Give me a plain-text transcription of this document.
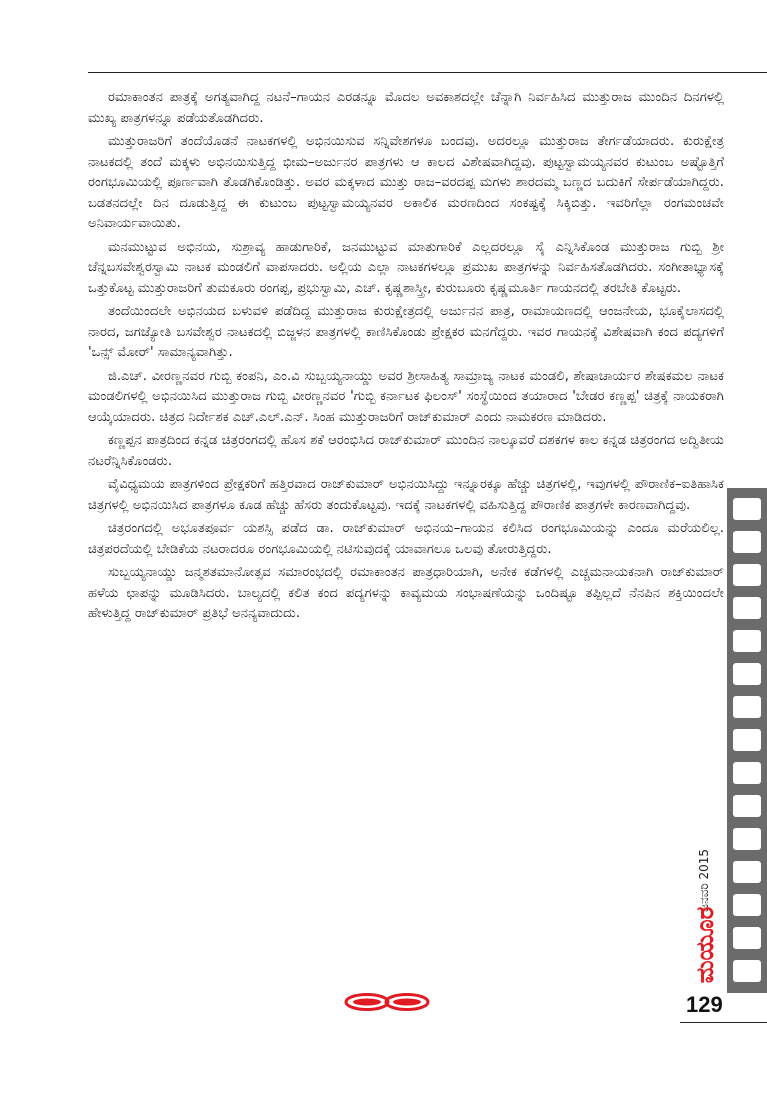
ರಮಾಕಾಂತನ ಪಾತ್ರಕ್ಕೆ ಅಗತ್ಯವಾಗಿದ್ದ ನಟನೆ–ಗಾಯನ ಎರಡನ್ನೂ ಮೊದಲ ಅವಕಾಶದಲ್ಲೇ ಚೆನ್ನಾಗಿ ನಿರ್ವಹಿಸಿದ ಮುತ್ತುರಾಜ ಮುಂದಿನ ದಿನಗಳಲ್ಲಿ ಮುಖ್ಯ ಪಾತ್ರಗಳನ್ನೂ ಪಡೆಯತೊಡಗಿದರು.

ಮುತ್ತುರಾಜರಿಗೆ ತಂದೆಯೊಡನೆ ನಾಟಕಗಳಲ್ಲಿ ಅಭಿನಯಿಸುವ ಸನ್ನಿವೇಶಗಳೂ ಬಂದವು. ಅದರಲ್ಲೂ ಮುತ್ತುರಾಜ ತೇರ್ಗಡೆಯಾದರು. ಕುರುಕ್ಷೇತ್ರ ನಾಟಕದಲ್ಲಿ ತಂದೆ ಮಕ್ಕಳು ಅಭಿನಯಿಸುತ್ತಿದ್ದ ಭೀಮ–ಅರ್ಜುನರ ಪಾತ್ರಗಳು ಆ ಕಾಲದ ವಿಶೇಷವಾಗಿದ್ದವು. ಪುಟ್ಟಸ್ವಾಮಯ್ಯನವರ ಕುಟುಂಬ ಅಷ್ಟೊತ್ತಿಗೆ ರಂಗಭೂಮಿಯಲ್ಲಿ ಪೂರ್ಣವಾಗಿ ತೊಡಗಿಕೊಂಡಿತ್ತು. ಅವರ ಮಕ್ಕಳಾದ ಮುತ್ತು ರಾಜ–ವರದಪ್ಪ ಮಗಳು ಶಾರದಮ್ಮ ಬಣ್ಣದ ಬದುಕಿಗೆ ಸೇರ್ಪಡೆಯಾಗಿದ್ದರು. ಬಡತನದಲ್ಲೇ ದಿನ ದೂಡುತ್ತಿದ್ದ ಈ ಕುಟುಂಬ ಪುಟ್ಟಸ್ವಾಮಯ್ಯನವರ ಅಕಾಲಿಕ ಮರಣದಿಂದ ಸಂಕಷ್ಟಕ್ಕೆ ಸಿಕ್ಕಿಬಿತ್ತು. ಇವರಿಗೆಲ್ಲಾ ರಂಗಮಂಚವೇ ಅನಿವಾರ್ಯವಾಯಿತು.

ಮನಮುಟ್ಟುವ ಅಭಿನಯ, ಸುಶ್ರಾವ್ಯ ಹಾಡುಗಾರಿಕೆ, ಜನಮುಟ್ಟುವ ಮಾತುಗಾರಿಕೆ ಎಲ್ಲದರಲ್ಲೂ ಸೈ ಎನ್ನಿಸಿಕೊಂಡ ಮುತ್ತುರಾಜ ಗುಬ್ಬಿ ಶ್ರೀ ಚೆನ್ನಬಸವೇಶ್ವರಸ್ವಾಮಿ ನಾಟಕ ಮಂಡಲಿಗೆ ವಾಪಸಾದರು. ಅಲ್ಲಿಯ ಎಲ್ಲಾ ನಾಟಕಗಳಲ್ಲೂ ಪ್ರಮುಖ ಪಾತ್ರಗಳನ್ನು ನಿರ್ವಹಿಸತೊಡಗಿದರು. ಸಂಗೀತಾಭ್ಯಾಸಕ್ಕೆ ಒತ್ತುಕೊಟ್ಟ ಮುತ್ತುರಾಜರಿಗೆ ತುಮಕೂರು ರಂಗಪ್ಪ, ಪ್ರಭುಸ್ವಾಮಿ, ಎಚ್. ಕೃಷ್ಣಶಾಸ್ತ್ರೀ, ಕುರುಬೂರು ಕೃಷ್ಣಮೂರ್ತಿ ಗಾಯನದಲ್ಲಿ ತರಬೇತಿ ಕೊಟ್ಟರು.

ತಂದೆಯಿಂದಲೇ ಅಭಿನಯದ ಬಳುವಳಿ ಪಡೆದಿದ್ದ ಮುತ್ತುರಾಜ ಕುರುಕ್ಷೇತ್ರದಲ್ಲಿ ಅರ್ಜುನನ ಪಾತ್ರ, ರಾಮಾಯಣದಲ್ಲಿ ಆಂಜನೇಯ, ಭೂಕೈಲಾಸದಲ್ಲಿ ನಾರದ, ಜಗಜ್ಯೋತಿ ಬಸವೇಶ್ವರ ನಾಟಕದಲ್ಲಿ ಬಿಜ್ಜಳನ ಪಾತ್ರಗಳಲ್ಲಿ ಕಾಣಿಸಿಕೊಂಡು ಪ್ರೇಕ್ಷಕರ ಮನಗೆದ್ದರು. ಇವರ ಗಾಯನಕ್ಕೆ ವಿಶೇಷವಾಗಿ ಕಂದ ಪದ್ಯಗಳಿಗೆ 'ಒನ್ಸ್ ಮೋರ್' ಸಾಮಾನ್ಯವಾಗಿತ್ತು.

ಜಿ.ಎಚ್. ವೀರಣ್ಣನವರ ಗುಬ್ಬಿ ಕಂಪನಿ, ಎಂ.ವಿ ಸುಬ್ಬಯ್ಯನಾಯ್ಡು ಅವರ ಶ್ರೀಸಾಹಿತ್ಯ ಸಾಮ್ರಾಜ್ಯ ನಾಟಕ ಮಂಡಲಿ, ಶೇಷಾಚಾರ್ಯರ ಶೇಷಕಮಲ ನಾಟಕ ಮಂಡಲಿಗಳಲ್ಲಿ ಅಭಿನಯಿಸಿದ ಮುತ್ತುರಾಜ ಗುಬ್ಬಿ ವೀರಣ್ಣನವರ 'ಗುಬ್ಬಿ ಕರ್ನಾಟಕ ಫಿಲಂಸ್' ಸಂಸ್ಥೆಯಿಂದ ತಯಾರಾದ 'ಬೇಡರ ಕಣ್ಣಪ್ಪ' ಚಿತ್ರಕ್ಕೆ ನಾಯಕರಾಗಿ ಆಯ್ಕೆಯಾದರು. ಚಿತ್ರದ ನಿರ್ದೇಶಕ ಎಚ್.ಎಲ್.ಎನ್. ಸಿಂಹ ಮುತ್ತುರಾಜರಿಗೆ ರಾಜ್‌ಕುಮಾರ್ ಎಂದು ನಾಮಕರಣ ಮಾಡಿದರು.

ಕಣ್ಣಪ್ಪನ ಪಾತ್ರದಿಂದ ಕನ್ನಡ ಚಿತ್ರರಂಗದಲ್ಲಿ ಹೊಸ ಶಕೆ ಆರಂಭಿಸಿದ ರಾಜ್‌ಕುಮಾರ್ ಮುಂದಿನ ನಾಲ್ಕೂವರೆ ದಶಕಗಳ ಕಾಲ ಕನ್ನಡ ಚಿತ್ರರಂಗದ ಅದ್ವಿತೀಯ ನಟರೆನ್ನಿಸಿಕೊಂಡರು.

ವೈವಿಧ್ಯಮಯ ಪಾತ್ರಗಳಿಂದ ಪ್ರೇಕ್ಷಕರಿಗೆ ಹತ್ತಿರವಾದ ರಾಜ್‌ಕುಮಾರ್ ಅಭಿನಯಿಸಿದ್ದು ಇನ್ನೂರಕ್ಕೂ ಹೆಚ್ಚು ಚಿತ್ರಗಳಲ್ಲಿ, ಇವುಗಳಲ್ಲಿ ಪೌರಾಣಿಕ–ಐತಿಹಾಸಿಕ ಚಿತ್ರಗಳಲ್ಲಿ ಅಭಿನಯಿಸಿದ ಪಾತ್ರಗಳೂ ಕೂಡ ಹೆಚ್ಚು ಹೆಸರು ತಂದುಕೊಟ್ಟವು. ಇದಕ್ಕೆ ನಾಟಕಗಳಲ್ಲಿ ವಹಿಸುತ್ತಿದ್ದ ಪೌರಾಣಿಕ ಪಾತ್ರಗಳೇ ಕಾರಣವಾಗಿದ್ದವು.

ಚಿತ್ರರಂಗದಲ್ಲಿ ಅಭೂತಪೂರ್ವ ಯಶಸ್ಸಿ ಪಡೆದ ಡಾ. ರಾಜ್‌ಕುಮಾರ್ ಅಭಿನಯ–ಗಾಯನ ಕಲಿಸಿದ ರಂಗಭೂಮಿಯನ್ನು ಎಂದೂ ಮರೆಯಲಿಲ್ಲ. ಚಿತ್ರಪರದೆಯಲ್ಲಿ ಬೇಡಿಕೆಯ ನಟರಾದರೂ ರಂಗಭೂಮಿಯಲ್ಲಿ ನಟಿಸುವುದಕ್ಕೆ ಯಾವಾಗಲೂ ಒಲವು ತೋರುತ್ತಿದ್ದರು.

ಸುಬ್ಬಯ್ಯನಾಯ್ಡು ಜನ್ಮಶತಮಾನೋತ್ಸವ ಸಮಾರಂಭದಲ್ಲಿ ರಮಾಕಾಂತನ ಪಾತ್ರಧಾರಿಯಾಗಿ, ಅನೇಕ ಕಡೆಗಳಲ್ಲಿ ಎಚ್ಚಮನಾಯಕನಾಗಿ ರಾಜ್‌ಕುಮಾರ್ ಹಳೆಯ ಛಾಪನ್ನು ಮೂಡಿಸಿದರು. ಬಾಲ್ಯದಲ್ಲಿ ಕಲಿತ ಕಂದ ಪದ್ಯಗಳನ್ನು ಕಾವ್ಯಮಯ ಸಂಭಾಷಣೆಯನ್ನು ಒಂದಿಷ್ಟೂ ತಪ್ಪಿಲ್ಲದೆ ನೆನಪಿನ ಶಕ್ತಿಯಿಂದಲೇ ಹೇಳುತ್ತಿದ್ದ ರಾಜ್‌ಕುಮಾರ್ ಪ್ರತಿಭೆ ಅನನ್ಯವಾದುದು.

ಜನವರಿ 2015
ಮಯೂರ
129
